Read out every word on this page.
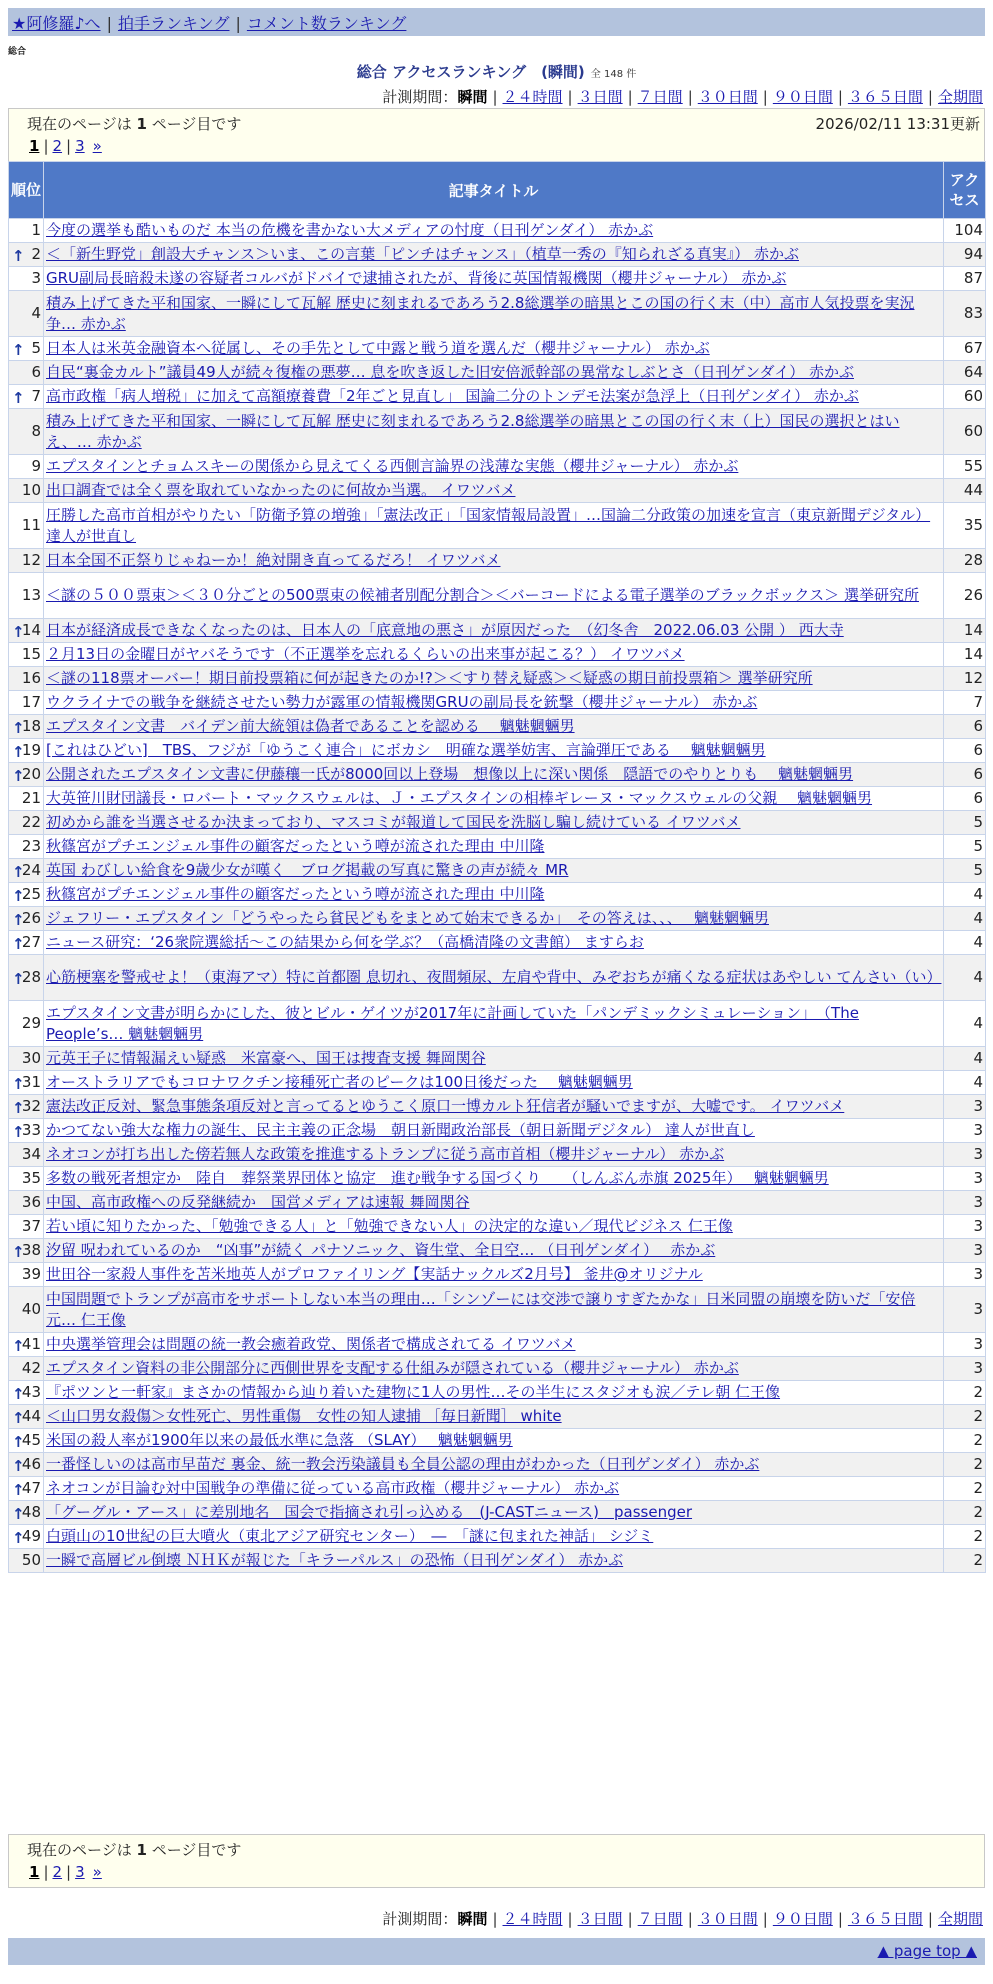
★阿修羅♪へ | 拍手ランキング | コメント数ランキング
総合
総合 アクセスランキング　(瞬間) 全 148 件
計測期間：瞬間 | ２４時間 | ３日間 | ７日間 | ３０日間 | ９０日間 | ３６５日間 | 全期間
現在のページは 1 ページ目です	2026/02/11 13:31更新
1 | 2 | 3 »
順位	記事タイトル	アクセス

1	今度の選挙も酷いものだ 本当の危機を書かない大メディアの忖度（日刊ゲンダイ） 赤かぶ	104

↑ 2	＜「新生野党」創設大チャンス＞いま、この言葉「ピンチはチャンス」（植草一秀の『知られざる真実』） 赤かぶ	94
3	GRU副局長暗殺未遂の容疑者コルバがドバイで逮捕されたが、背後に英国情報機関（櫻井ジャーナル） 赤かぶ	87
4	積み上げてきた平和国家、一瞬にして瓦解 歴史に刻まれるであろう2.8総選挙の暗黒とこの国の行く末（中）高市人気投票を実況争… 赤かぶ	83

↑ 5	日本人は米英金融資本へ従属し、その手先として中露と戦う道を選んだ（櫻井ジャーナル） 赤かぶ	67
6	自民“裏金カルト”議員49人が続々復権の悪夢… 息を吹き返した旧安倍派幹部の異常なしぶとさ（日刊ゲンダイ） 赤かぶ	64

↑ 7	高市政権「病人増税」に加えて高額療養費「2年ごと見直し」 国論二分のトンデモ法案が急浮上（日刊ゲンダイ） 赤かぶ	60
8	積み上げてきた平和国家、一瞬にして瓦解 歴史に刻まれるであろう2.8総選挙の暗黒とこの国の行く末（上）国民の選択とはいえ、… 赤かぶ	60
9	エプスタインとチョムスキーの関係から見えてくる西側言論界の浅薄な実態（櫻井ジャーナル） 赤かぶ	55
10	出口調査では全く票を取れていなかったのに何故か当選。 イワツバメ	44
11	圧勝した高市首相がやりたい「防衛予算の増強」「憲法改正」「国家情報局設置」…国論二分政策の加速を宣言（東京新聞デジタル） 達人が世直し	35
12	日本全国不正祭りじゃねーか！絶対開き直ってるだろ！ イワツバメ	28
13	＜謎の５００票束＞＜３０分ごとの500票束の候補者別配分割合＞＜バーコードによる電子選挙のブラックボックス＞ 選挙研究所	26

↑
14	日本が経済成長できなくなったのは、日本人の「底意地の悪さ」が原因だった　（幻冬舎　2022.06.03 公開 ） 西大寺	14
15	２月13日の金曜日がヤバそうです（不正選挙を忘れるくらいの出来事が起こる？） イワツバメ	14
16	＜謎の118票オーバー！期日前投票箱に何が起きたのか!?＞＜すり替え疑惑＞＜疑惑の期日前投票箱＞ 選挙研究所	12
17	ウクライナでの戦争を継続させたい勢力が露軍の情報機関GRUの副局長を銃撃（櫻井ジャーナル） 赤かぶ	7

↑
18	エプスタイン文書　バイデン前大統領は偽者であることを認める　 魑魅魍魎男	6

↑
19	[これはひどい]　TBS、フジが「ゆうこく連合」にボカシ　明確な選挙妨害、言論弾圧である　 魑魅魍魎男	6

↑
20	公開されたエプスタイン文書に伊藤穰一氏が8000回以上登場　想像以上に深い関係　隠語でのやりとりも　 魑魅魍魎男	6
21	大英笹川財団議長・ロバート・マックスウェルは、Ｊ・エプスタインの相棒ギレーヌ・マックスウェルの父親　 魑魅魍魎男	6
22	初めから誰を当選させるか決まっており、マスコミが報道して国民を洗脳し騙し続けている イワツバメ	5
23	秋篠宮がプチエンジェル事件の顧客だったという噂が流された理由 中川隆	5

↑
24	英国 わびしい給食を9歳少女が嘆く　ブログ掲載の写真に驚きの声が続々 MR	5

↑
25	秋篠宮がプチエンジェル事件の顧客だったという噂が流された理由 中川隆	4

↑
26	ジェフリー・エプスタイン「どうやったら貧民どもをまとめて始末できるか」　その答えは、、、　 魑魅魍魎男	4

↑
27	ニュース研究：‘26衆院選総括～この結果から何を学ぶ？（高橋清隆の文書館） ますらお	4

↑
28	心筋梗塞を警戒せよ！（東海アマ）特に首都圏 息切れ、夜間頻尿、左肩や背中、みぞおちが痛くなる症状はあやしい てんさい（い）	4
29	エプスタイン文書が明らかにした、彼とビル・ゲイツが2017年に計画していた「パンデミックシミュレーション」　（The People’s… 魑魅魍魎男	4
30	元英王子に情報漏えい疑惑　米富豪へ、国王は捜査支援 舞岡関谷	4

↑
31	オーストラリアでもコロナワクチン接種死亡者のピークは100日後だった　 魑魅魍魎男	4

↑
32	憲法改正反対、緊急事態条項反対と言ってるとゆうこく原口一博カルト狂信者が騒いでますが、大嘘です。 イワツバメ	3

↑
33	かつてない強大な権力の誕生、民主主義の正念場　朝日新聞政治部長（朝日新聞デジタル） 達人が世直し	3
34	ネオコンが打ち出した傍若無人な政策を推進するトランプに従う高市首相（櫻井ジャーナル） 赤かぶ	3
35	多数の戦死者想定か　陸自　葬祭業界団体と協定　進む戦争する国づくり　　（しんぶん赤旗 2025年）　 魑魅魍魎男	3
36	中国、高市政権への反発継続か　国営メディアは速報 舞岡関谷	3
37	若い頃に知りたかった、「勉強できる人」と「勉強できない人」の決定的な違い／現代ビジネス 仁王像	3

↑
38	汐留 呪われているのか　“凶事”が続く パナソニック、資生堂、全日空… （日刊ゲンダイ）　 赤かぶ	3
39	世田谷一家殺人事件を苫米地英人がプロファイリング【実話ナックルズ2月号】 釜井@オリジナル	3
40	中国問題でトランプが高市をサポートしない本当の理由…「シンゾーには交渉で譲りすぎたかな」日米同盟の崩壊を防いだ「安倍元… 仁王像	3

↑
41	中央選挙管理会は問題の統一教会癒着政党、関係者で構成されてる イワツバメ	3
42	エプスタイン資料の非公開部分に西側世界を支配する仕組みが隠されている（櫻井ジャーナル） 赤かぶ	3

↑
43	『ポツンと一軒家』まさかの情報から辿り着いた建物に1人の男性…その半生にスタジオも涙／テレ朝 仁王像	2

↑
44	＜山口男女殺傷＞女性死亡、男性重傷　女性の知人逮捕 ［毎日新聞］ white	2

↑
45	米国の殺人率が1900年以来の最低水準に急落 （SLAY）　 魑魅魍魎男	2

↑
46	一番怪しいのは高市早苗だ 裏金、統一教会汚染議員も全員公認の理由がわかった（日刊ゲンダイ） 赤かぶ	2

↑
47	ネオコンが目論む対中国戦争の準備に従っている高市政権（櫻井ジャーナル） 赤かぶ	2

↑
48	「グーグル・アース」に差別地名　国会で指摘され引っ込める　(J-CASTニュース)　passenger	2

↑
49	白頭山の10世紀の巨大噴火（東北アジア研究センター）　―　「謎に包まれた神話」 シジミ	2
50	一瞬で高層ビル倒壊 ＮＨＫが報じた「キラーパルス」の恐怖（日刊ゲンダイ） 赤かぶ	2
現在のページは 1 ページ目です
1 | 2 | 3 »
計測期間：瞬間 | ２４時間 | ３日間 | ７日間 | ３０日間 | ９０日間 | ３６５日間 | 全期間
▲ page top ▲
